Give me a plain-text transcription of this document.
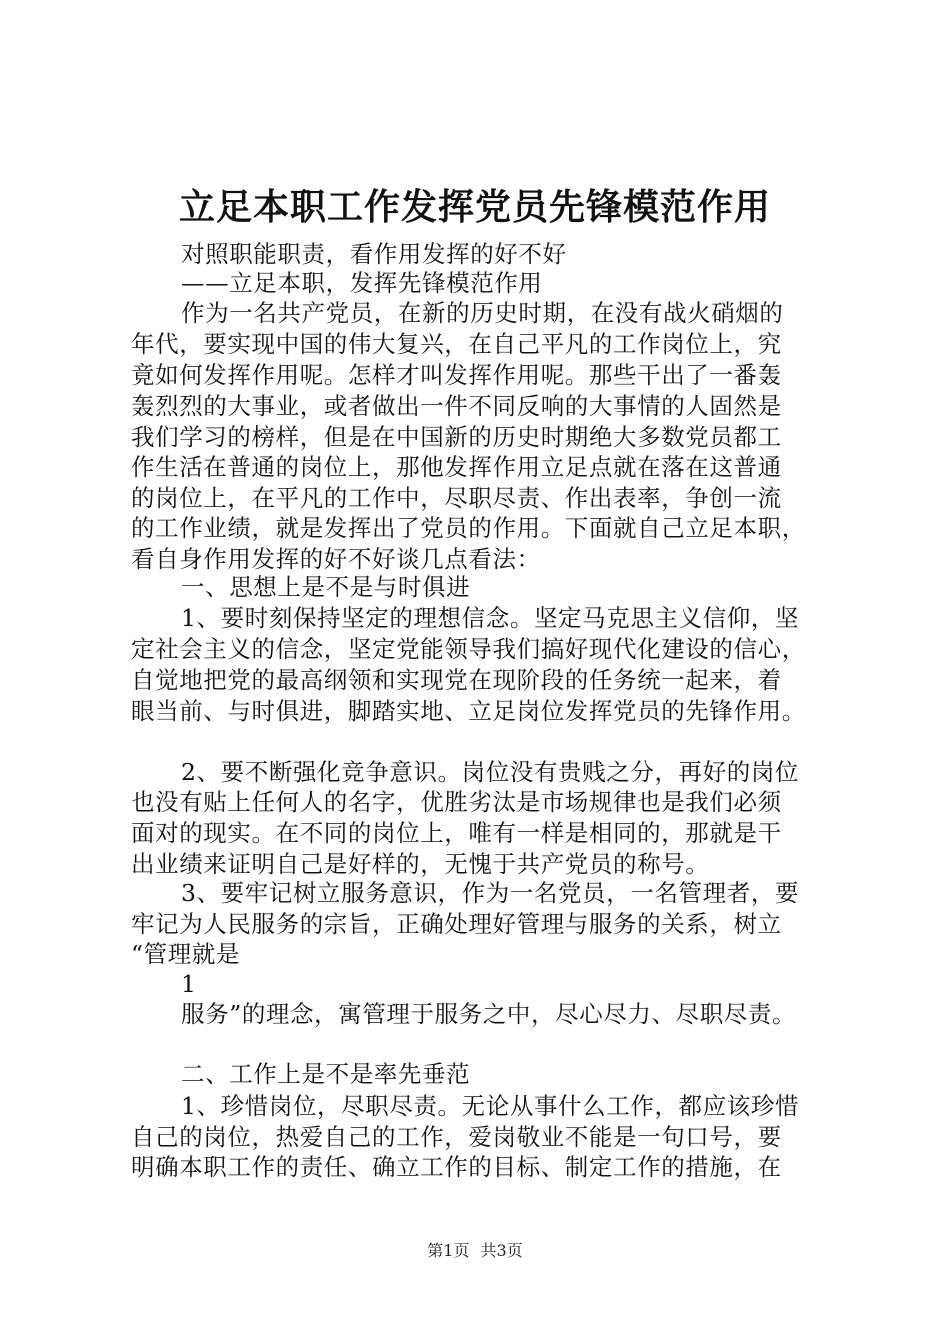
立足本职工作发挥党员先锋模范作用
对照职能职责，看作用发挥的好不好
——立足本职，发挥先锋模范作用
作为一名共产党员，在新的历史时期，在没有战火硝烟的
年代，要实现中国的伟大复兴，在自己平凡的工作岗位上，究
竟如何发挥作用呢。怎样才叫发挥作用呢。那些干出了一番轰
轰烈烈的大事业，或者做出一件不同反响的大事情的人固然是
我们学习的榜样，但是在中国新的历史时期绝大多数党员都工
作生活在普通的岗位上，那他发挥作用立足点就在落在这普通
的岗位上，在平凡的工作中，尽职尽责、作出表率，争创一流
的工作业绩，就是发挥出了党员的作用。下面就自己立足本职，
看自身作用发挥的好不好谈几点看法：
一、思想上是不是与时俱进
1、要时刻保持坚定的理想信念。坚定马克思主义信仰，坚
定社会主义的信念，坚定党能领导我们搞好现代化建设的信心，
自觉地把党的最高纲领和实现党在现阶段的任务统一起来，着
眼当前、与时俱进，脚踏实地、立足岗位发挥党员的先锋作用。
2、要不断强化竞争意识。岗位没有贵贱之分，再好的岗位
也没有贴上任何人的名字，优胜劣汰是市场规律也是我们必须
面对的现实。在不同的岗位上，唯有一样是相同的，那就是干
出业绩来证明自己是好样的，无愧于共产党员的称号。
3、要牢记树立服务意识，作为一名党员，一名管理者，要
牢记为人民服务的宗旨，正确处理好管理与服务的关系，树立
“管理就是
1
服务”的理念，寓管理于服务之中，尽心尽力、尽职尽责。
二、工作上是不是率先垂范
1、珍惜岗位，尽职尽责。无论从事什么工作，都应该珍惜
自己的岗位，热爱自己的工作，爱岗敬业不能是一句口号，要
明确本职工作的责任、确立工作的目标、制定工作的措施，在
第1页 共3页
